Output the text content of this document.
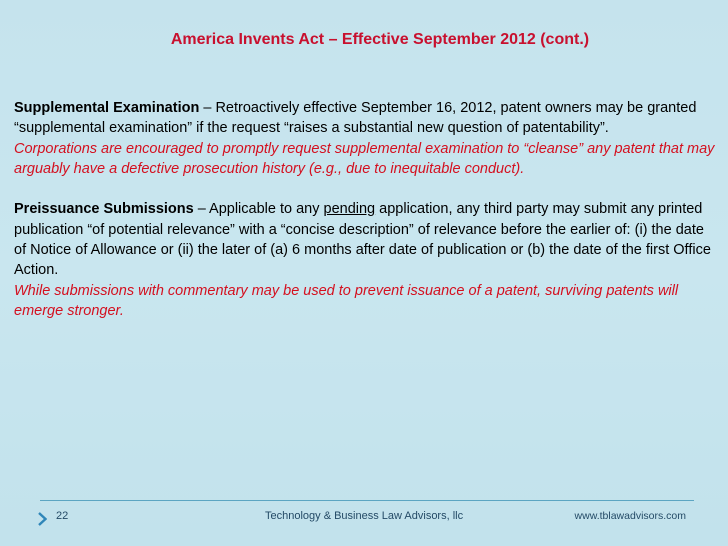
America Invents Act – Effective September 2012 (cont.)

Supplemental Examination – Retroactively effective September 16, 2012, patent owners may be granted “supplemental examination” if the request “raises a substantial new question of patentability”.

Corporations are encouraged to promptly request supplemental examination to “cleanse” any patent that may arguably have a defective prosecution history (e.g., due to inequitable conduct).

Preissuance Submissions – Applicable to any pending application, any third party may submit any printed publication “of potential relevance” with a “concise description” of relevance before the earlier of: (i) the date of Notice of Allowance or (ii) the later of (a) 6 months after date of publication or (b) the date of the first Office Action.

While submissions with commentary may be used to prevent issuance of a patent, surviving patents will emerge stronger.

22	Technology & Business Law Advisors, llc	www.tblawadvisors.com
